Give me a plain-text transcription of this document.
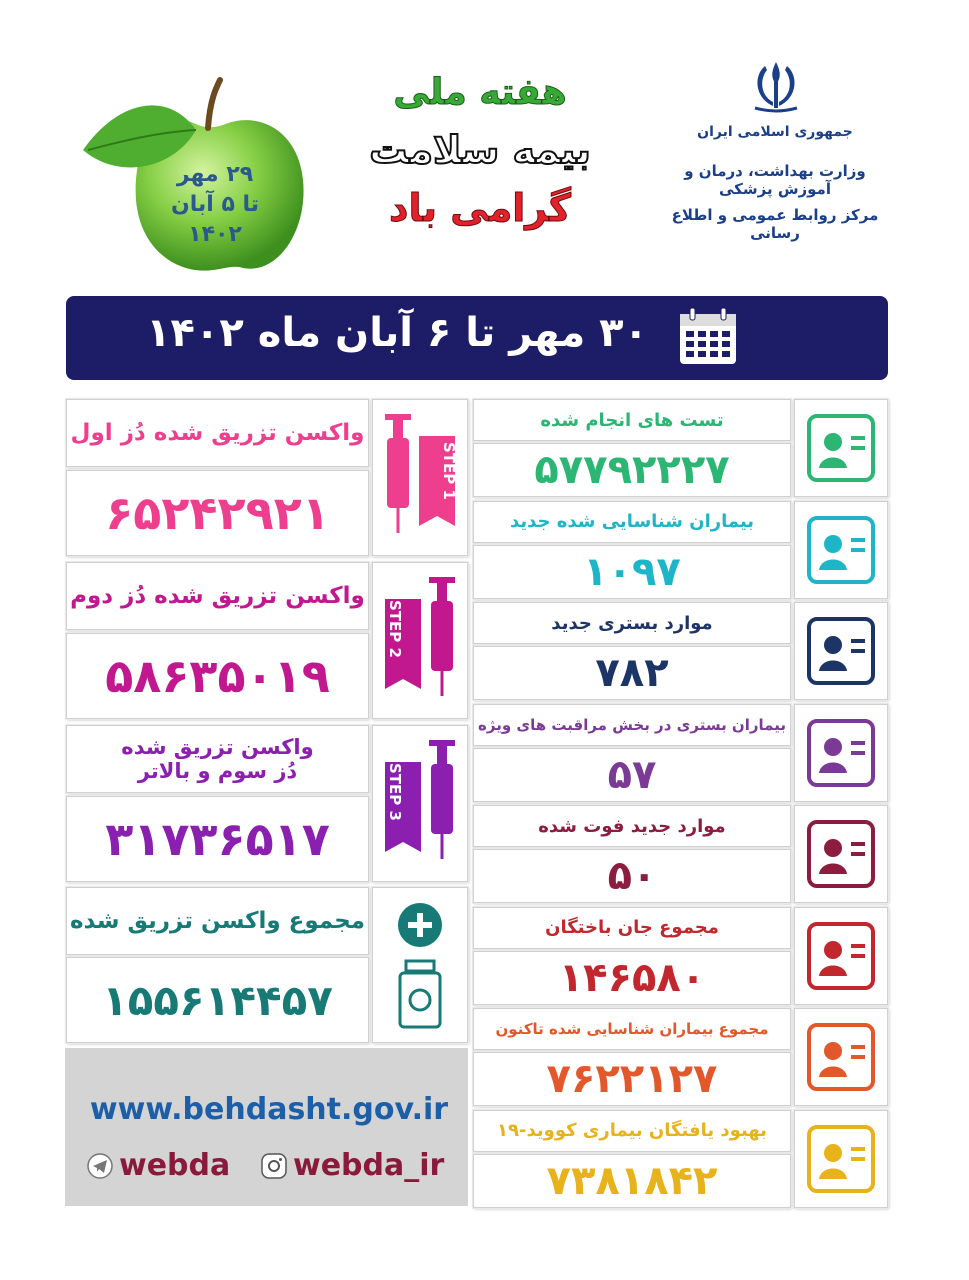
۲۹ مهر
تا ۵ آبان
۱۴۰۲
هفته ملی
بیمه سلامت
گرامی باد
جمهوری اسلامی ایران
وزارت بهداشت، درمان و آموزش پزشکی
مرکز روابط عمومی و اطلاع رسانی
۳۰ مهر تا ۶ آبان ماه ۱۴۰۲
واکسن تزریق شده دُز اول
۶۵۲۴۲۹۲۱
STEP 1
واکسن تزریق شده دُز دوم
۵۸۶۳۵۰۱۹
STEP 2
واکسن تزریق شده
دُز سوم و بالاتر
۳۱۷۳۶۵۱۷
STEP 3
مجموع واکسن تزریق شده
۱۵۵۶۱۴۴۵۷
www.behdasht.gov.ir
webda webda_ir
تست های انجام شده
۵۷۷۹۲۲۲۷
بیماران شناسایی شده جدید
۱۰۹۷
موارد بستری جدید
۷۸۲
بیماران بستری در بخش مراقبت های ویژه
۵۷
موارد جدید فوت شده
۵۰
مجموع جان باختگان
۱۴۶۵۸۰
مجموع بیماران شناسایی شده تاکنون
۷۶۲۲۱۲۷
بهبود یافتگان بیماری کووید-۱۹
۷۳۸۱۸۴۲
